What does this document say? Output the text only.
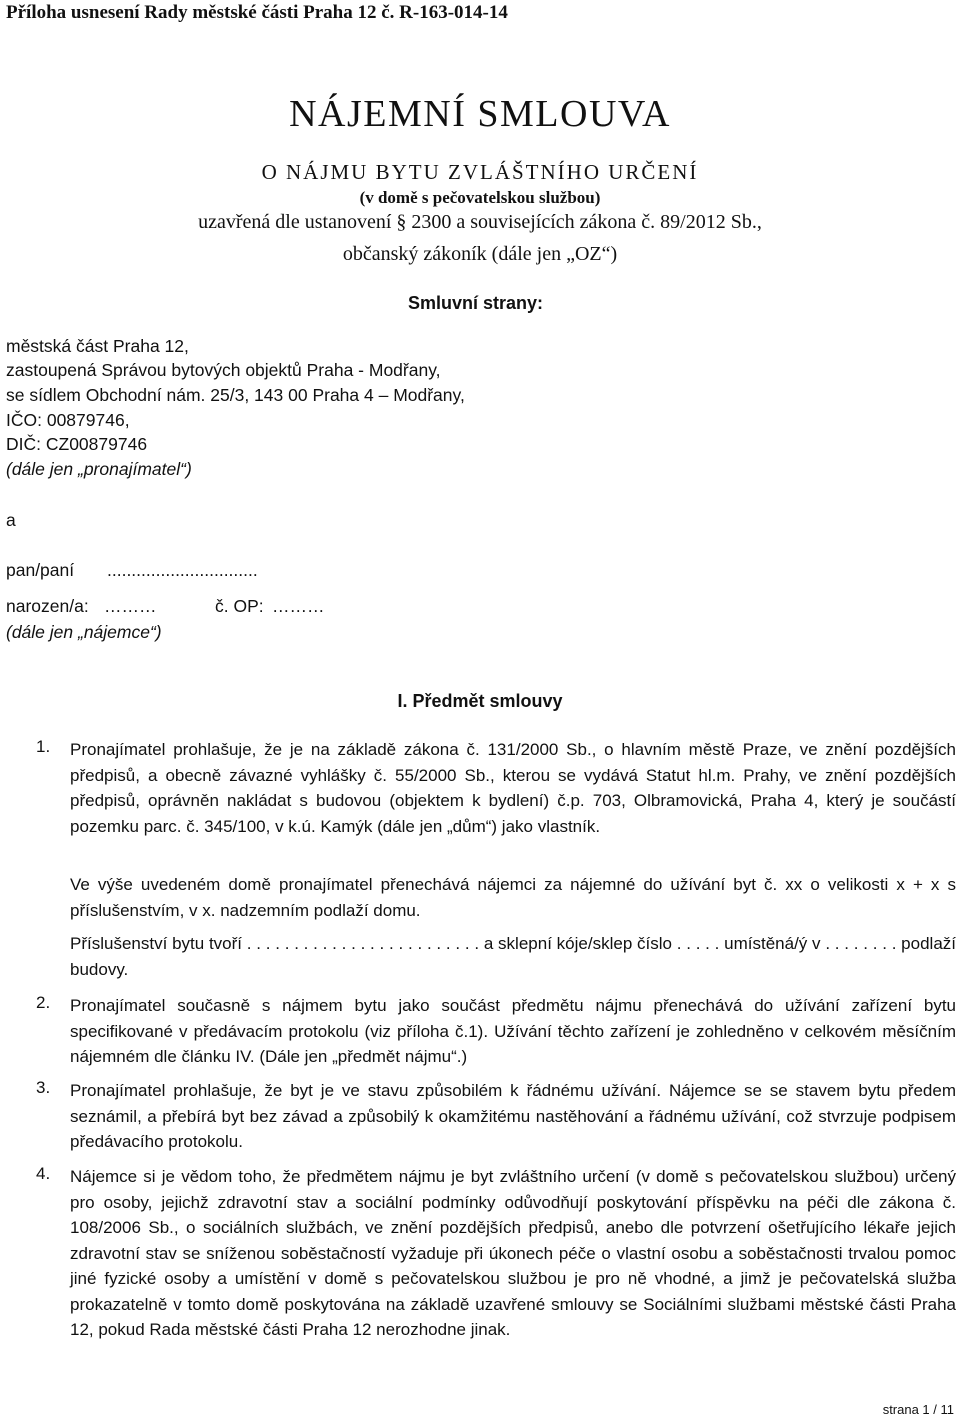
Příloha usnesení Rady městské části Praha 12 č. R-163-014-14
NÁJEMNÍ SMLOUVA
O NÁJMU BYTU ZVLÁŠTNÍHO URČENÍ
(v domě s pečovatelskou službou)
uzavřená dle ustanovení § 2300 a souvisejících zákona č. 89/2012 Sb.,
občanský zákoník (dále jen „OZ“)
Smluvní strany:
městská část Praha 12,
zastoupená Správou bytových objektů Praha - Modřany,
se sídlem Obchodní nám. 25/3, 143 00 Praha 4 – Modřany,
IČO: 00879746,
DIČ: CZ00879746
(dále jen „pronajímatel“)
a
pan/paní ...............................
narozen/a: ………	č. OP: ………
(dále jen „nájemce“)
I. Předmět smlouvy
1. Pronajímatel prohlašuje, že je na základě zákona č. 131/2000 Sb., o hlavním městě Praze, ve znění pozdějších předpisů, a obecně závazné vyhlášky č. 55/2000 Sb., kterou se vydává Statut hl.m. Prahy, ve znění pozdějších předpisů, oprávněn nakládat s budovou (objektem k bydlení) č.p. 703, Olbramovická, Praha 4, který je součástí pozemku parc. č. 345/100, v k.ú. Kamýk (dále jen „dům“) jako vlastník.
Ve výše uvedeném domě pronajímatel přenechává nájemci za nájemné do užívání byt č. xx o velikosti x + x s příslušenstvím, v x. nadzemním podlaží domu.
Příslušenství bytu tvoří . . . . . . . . . . . . . . . . . . . . . . . . . a sklepní kóje/sklep číslo . . . . . umístěná/ý v . . . . . . . . podlaží budovy.
2. Pronajímatel současně s nájmem bytu jako součást předmětu nájmu přenechává do užívání zařízení bytu specifikované v předávacím protokolu (viz příloha č.1). Užívání těchto zařízení je zohledněno v celkovém měsíčním nájemném dle článku IV. (Dále jen „předmět nájmu“.)
3. Pronajímatel prohlašuje, že byt je ve stavu způsobilém k řádnému užívání. Nájemce se se stavem bytu předem seznámil, a přebírá byt bez závad a způsobilý k okamžitému nastěhování a řádnému užívání, což stvrzuje podpisem předávacího protokolu.
4. Nájemce si je vědom toho, že předmětem nájmu je byt zvláštního určení (v domě s pečovatelskou službou) určený pro osoby, jejichž zdravotní stav a sociální podmínky odůvodňují poskytování příspěvku na péči dle zákona č. 108/2006 Sb., o sociálních službách, ve znění pozdějších předpisů, anebo dle potvrzení ošetřujícího lékaře jejich zdravotní stav se sníženou soběstačností vyžaduje při úkonech péče o vlastní osobu a soběstačnosti trvalou pomoc jiné fyzické osoby a umístění v domě s pečovatelskou službou je pro ně vhodné, a jimž je pečovatelská služba prokazatelně v tomto domě poskytována na základě uzavřené smlouvy se Sociálními službami městské části Praha 12, pokud Rada městské části Praha 12 nerozhodne jinak.
strana 1 / 11
